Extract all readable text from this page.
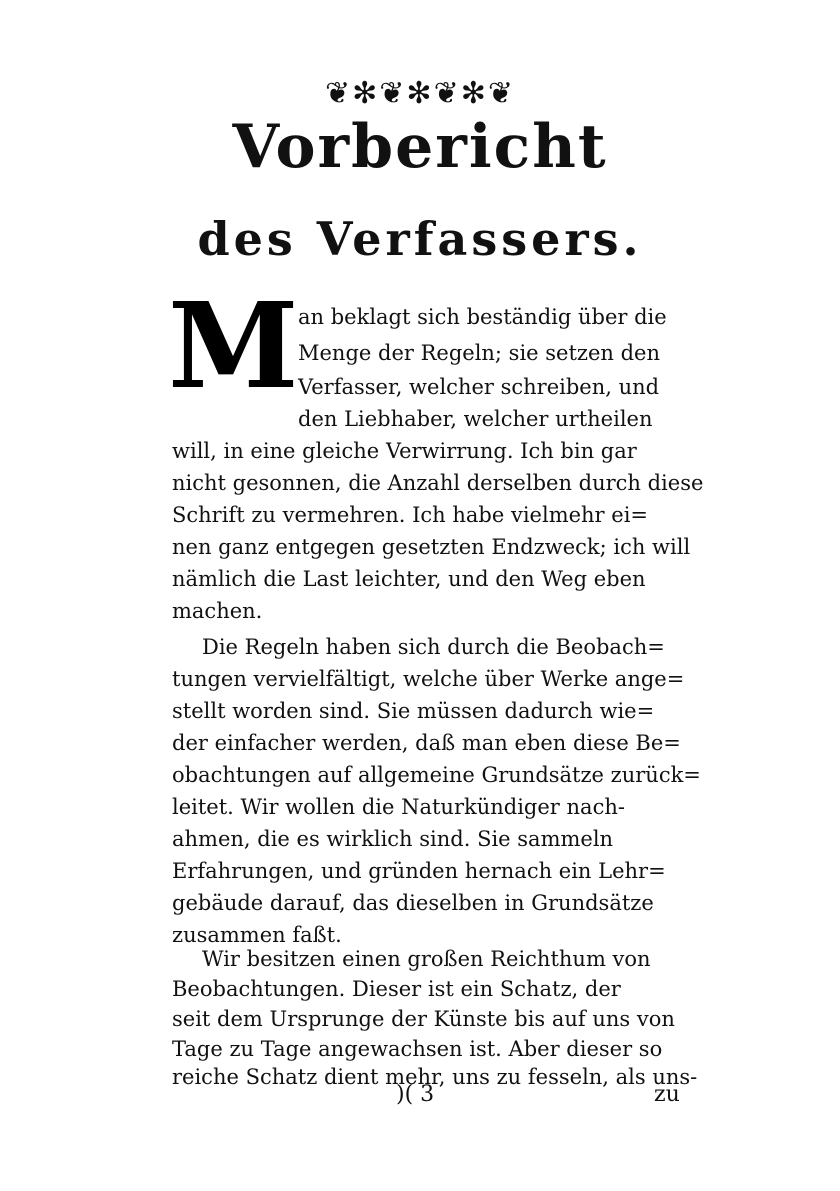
❦✻❦✻❦✻❦
Vorbericht
des Verfassers.
M an beklagt sich beständig über die
Menge der Regeln; sie setzen den
Verfasser, welcher schreiben, und
den Liebhaber, welcher urtheilen
will, in eine gleiche Verwirrung. Ich bin gar
nicht gesonnen, die Anzahl derselben durch diese
Schrift zu vermehren. Ich habe vielmehr ei=
nen ganz entgegen gesetzten Endzweck; ich will
nämlich die Last leichter, und den Weg eben
machen.
Die Regeln haben sich durch die Beobach=
tungen vervielfältigt, welche über Werke ange=
stellt worden sind. Sie müssen dadurch wie=
der einfacher werden, daß man eben diese Be=
obachtungen auf allgemeine Grundsätze zurück=
leitet. Wir wollen die Naturkündiger nach-
ahmen, die es wirklich sind. Sie sammeln
Erfahrungen, und gründen hernach ein Lehr=
gebäude darauf, das dieselben in Grundsätze
zusammen faßt.
Wir besitzen einen großen Reichthum von
Beobachtungen. Dieser ist ein Schatz, der
seit dem Ursprunge der Künste bis auf uns von
Tage zu Tage angewachsen ist. Aber dieser so
)( 3	zu
reiche Schatz dient mehr, uns zu fesseln, als uns-
